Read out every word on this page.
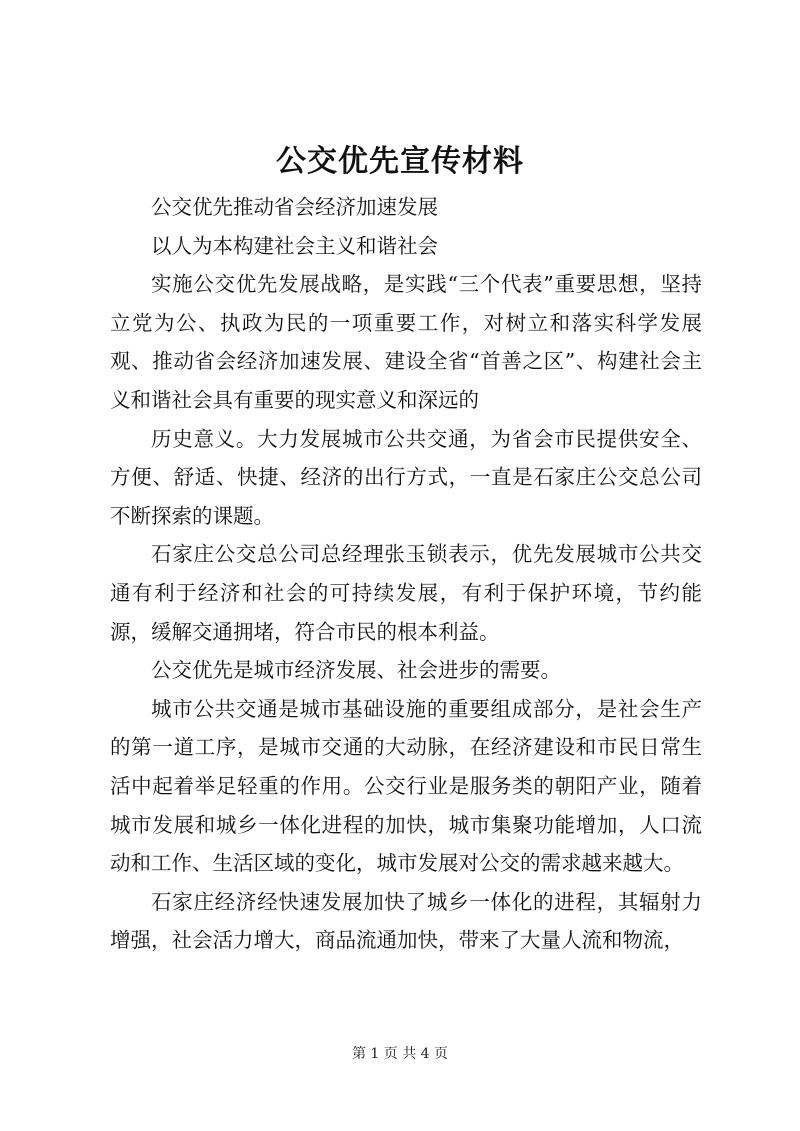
公交优先宣传材料

公交优先推动省会经济加速发展

以人为本构建社会主义和谐社会

实施公交优先发展战略，是实践“三个代表”重要思想，坚持立党为公、执政为民的一项重要工作，对树立和落实科学发展观、推动省会经济加速发展、建设全省“首善之区”、构建社会主义和谐社会具有重要的现实意义和深远的

历史意义。大力发展城市公共交通，为省会市民提供安全、方便、舒适、快捷、经济的出行方式，一直是石家庄公交总公司不断探索的课题。

石家庄公交总公司总经理张玉锁表示，优先发展城市公共交通有利于经济和社会的可持续发展，有利于保护环境，节约能源，缓解交通拥堵，符合市民的根本利益。

公交优先是城市经济发展、社会进步的需要。

城市公共交通是城市基础设施的重要组成部分，是社会生产的第一道工序，是城市交通的大动脉，在经济建设和市民日常生活中起着举足轻重的作用。公交行业是服务类的朝阳产业，随着城市发展和城乡一体化进程的加快，城市集聚功能增加，人口流动和工作、生活区域的变化，城市发展对公交的需求越来越大。

石家庄经济经快速发展加快了城乡一体化的进程，其辐射力增强，社会活力增大，商品流通加快，带来了大量人流和物流，

第 1 页 共 4 页
